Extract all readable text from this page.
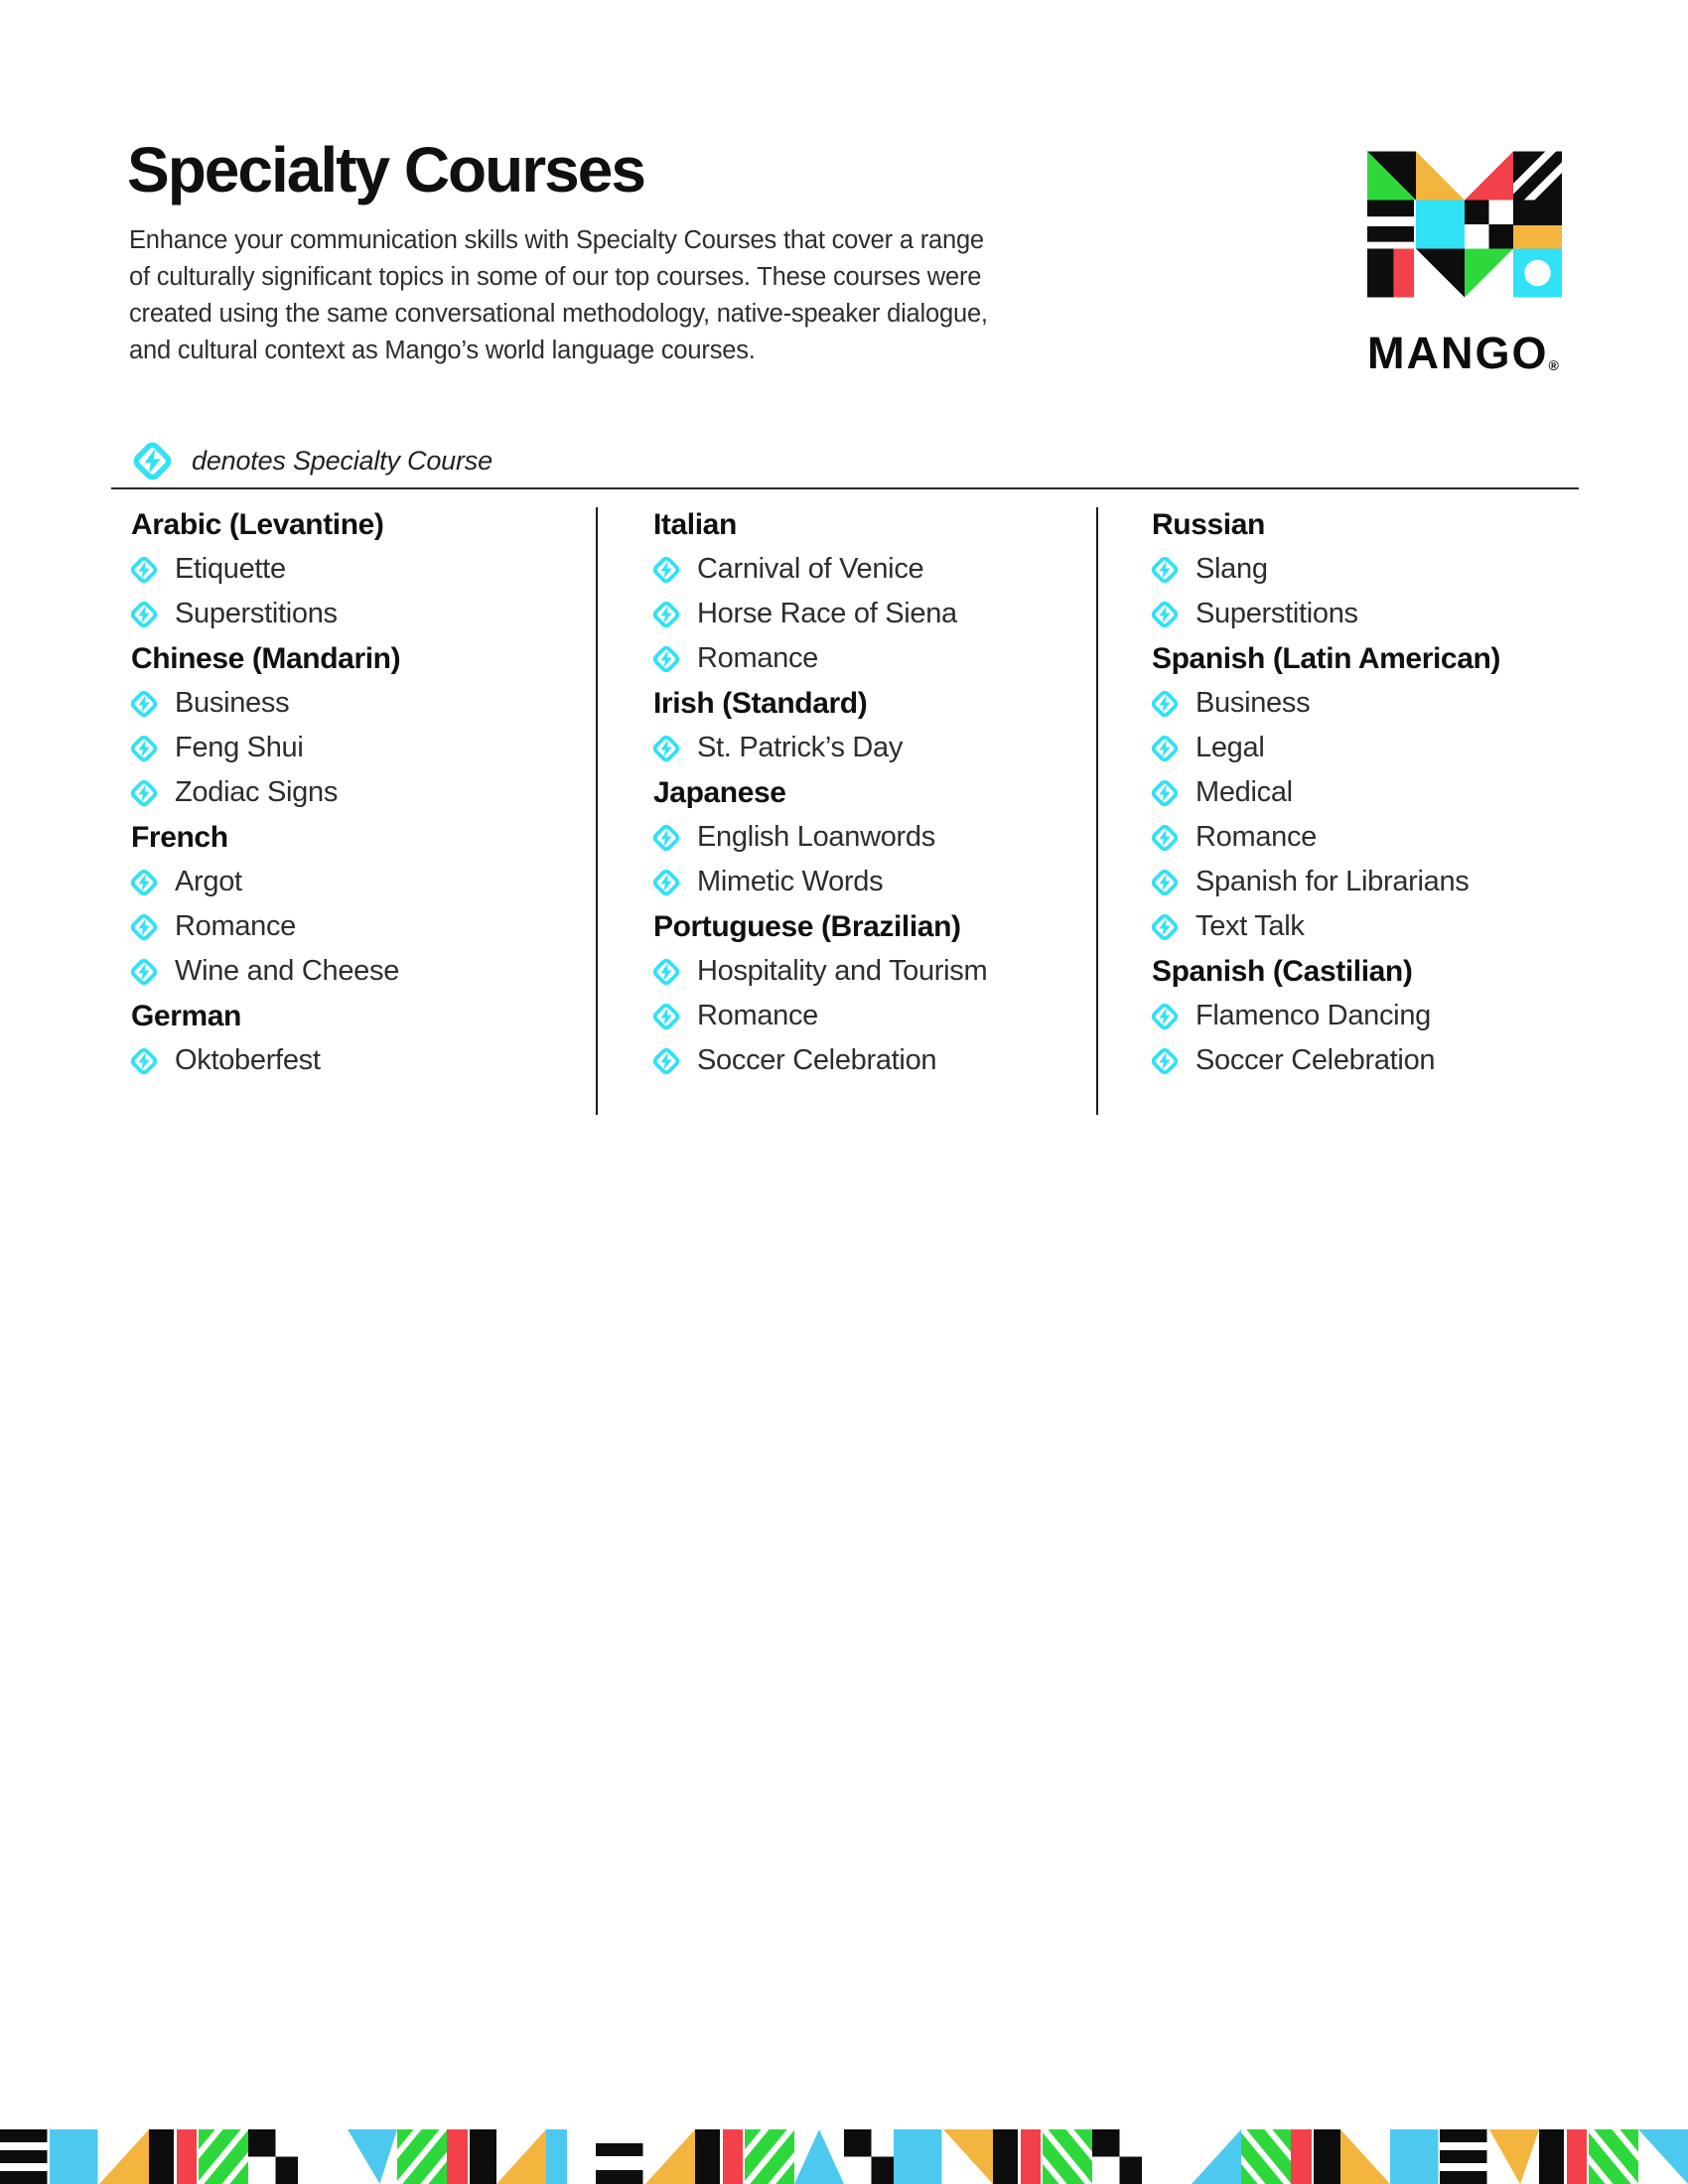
Specialty Courses
Enhance your communication skills with Specialty Courses that cover a range
of culturally significant topics in some of our top courses. These courses were
created using the same conversational methodology, native-speaker dialogue,
and cultural context as Mango’s world language courses.	MANGO®
denotes Specialty Course
Arabic (Levantine)
Etiquette
Superstitions
Chinese (Mandarin)
Business
Feng Shui
Zodiac Signs
French
Argot
Romance
Wine and Cheese
German
Oktoberfest
Italian
Carnival of Venice
Horse Race of Siena
Romance
Irish (Standard)
St. Patrick’s Day
Japanese
English Loanwords
Mimetic Words
Portuguese (Brazilian)
Hospitality and Tourism
Romance
Soccer Celebration
Russian
Slang
Superstitions
Spanish (Latin American)
Business
Legal
Medical
Romance
Spanish for Librarians
Text Talk
Spanish (Castilian)
Flamenco Dancing
Soccer Celebration
